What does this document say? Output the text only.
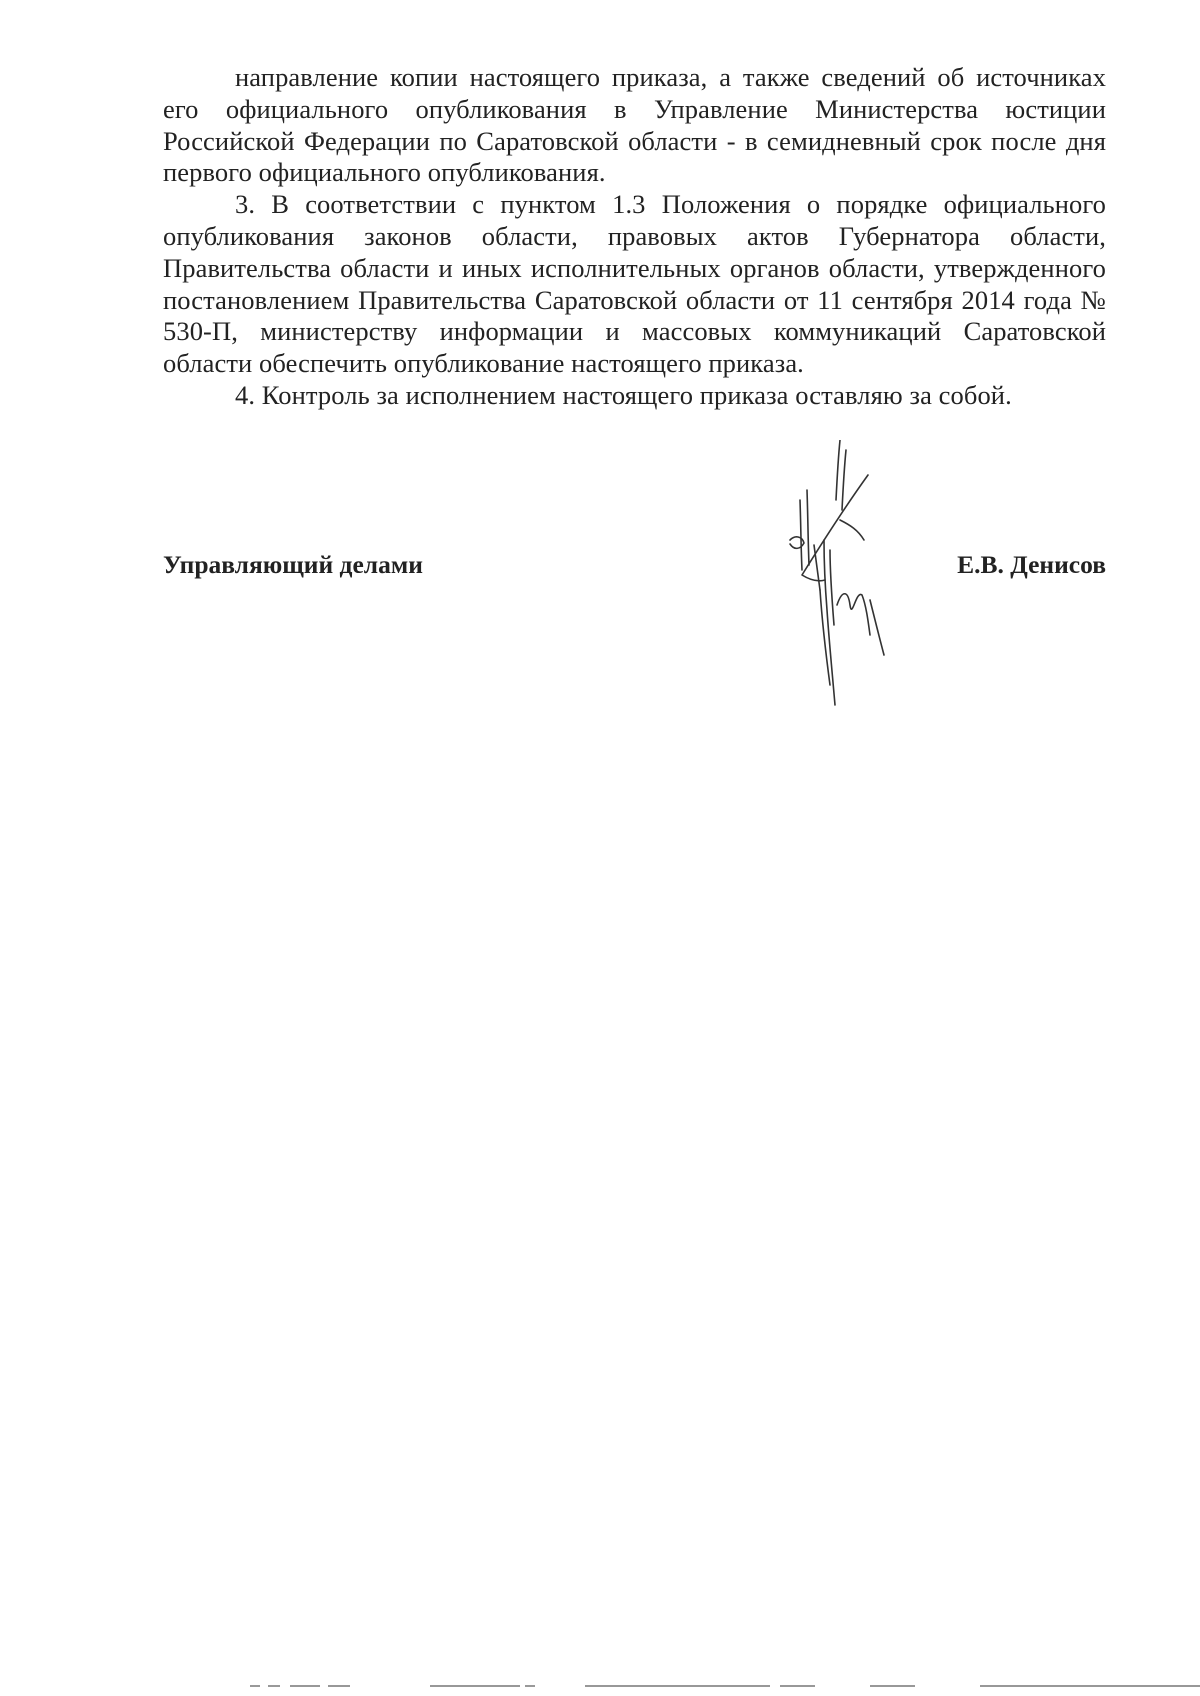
направление копии настоящего приказа, а также сведений об источниках его официального опубликования в Управление Министерства юстиции Российской Федерации по Саратовской области - в семидневный срок после дня первого официального опубликования.

3. В соответствии с пунктом 1.3 Положения о порядке официального опубликования законов области, правовых актов Губернатора области, Правительства области и иных исполнительных органов области, утвержденного постановлением Правительства Саратовской области от 11 сентября 2014 года № 530-П, министерству информации и массовых коммуникаций Саратовской области обеспечить опубликование настоящего приказа.

4. Контроль за исполнением настоящего приказа оставляю за собой.

Управляющий делами	Е.В. Денисов
